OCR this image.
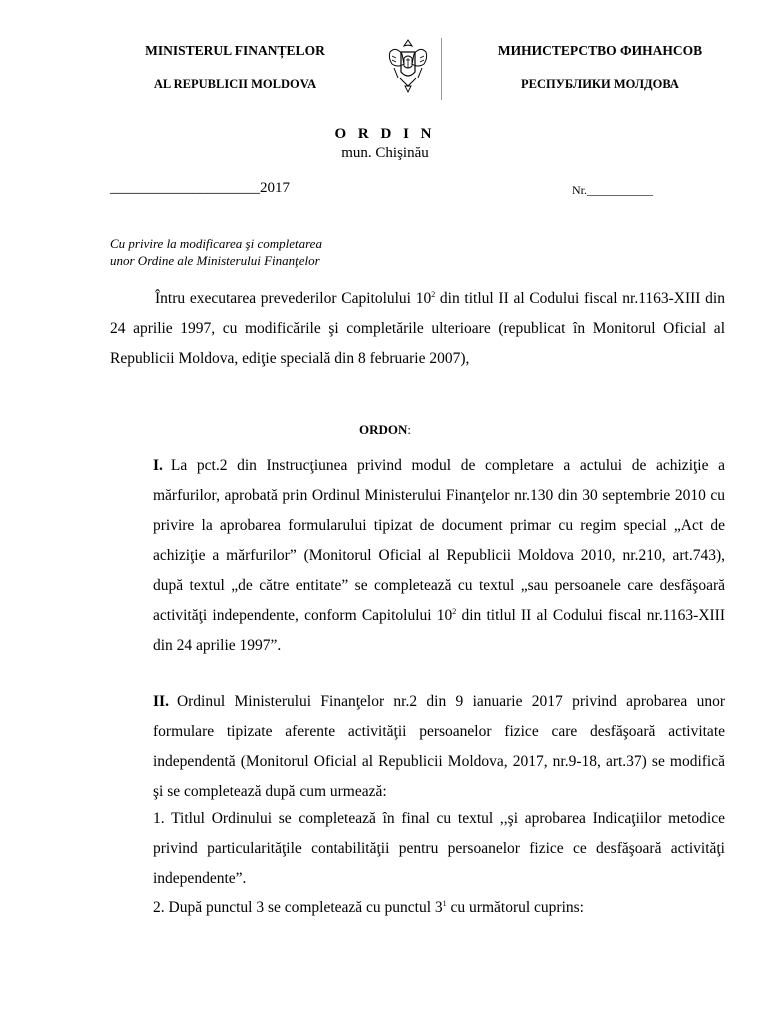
MINISTERUL FINANȚELOR
AL REPUBLICII MOLDOVA
МИНИСТЕРСТВО ФИНАНСОВ
РЕСПУБЛИКИ МОЛДОВА
O R D I N
mun. Chişinău
____________________2017	Nr.___________
Cu privire la modificarea şi completarea
unor Ordine ale Ministerului Finanţelor
Întru executarea prevederilor Capitolului $10^2$ din titlul II al Codului fiscal nr.1163-XIII din 24 aprilie 1997, cu modificările şi completările ulterioare (republicat în Monitorul Oficial al Republicii Moldova, ediţie specială din 8 februarie 2007),
ORDON:
I. La pct.2 din Instrucţiunea privind modul de completare a actului de achiziţie a mărfurilor, aprobată prin Ordinul Ministerului Finanţelor nr.130 din 30 septembrie 2010 cu privire la aprobarea formularului tipizat de document primar cu regim special „Act de achiziţie a mărfurilor” (Monitorul Oficial al Republicii Moldova 2010, nr.210, art.743), după textul „de către entitate” se completează cu textul „sau persoanele care desfăşoară activităţi independente, conform Capitolului $10^2$ din titlul II al Codului fiscal nr.1163-XIII din 24 aprilie 1997”.
II. Ordinul Ministerului Finanţelor nr.2 din 9 ianuarie 2017 privind aprobarea unor formulare tipizate aferente activităţii persoanelor fizice care desfăşoară activitate independentă (Monitorul Oficial al Republicii Moldova, 2017, nr.9-18, art.37) se modifică şi se completează după cum urmează:
1. Titlul Ordinului se completează în final cu textul ,,şi aprobarea Indicaţiilor metodice privind particularităţile contabilităţii pentru persoanelor fizice ce desfăşoară activităţi independente”.
2. După punctul 3 se completează cu punctul $3^1$ cu următorul cuprins:
